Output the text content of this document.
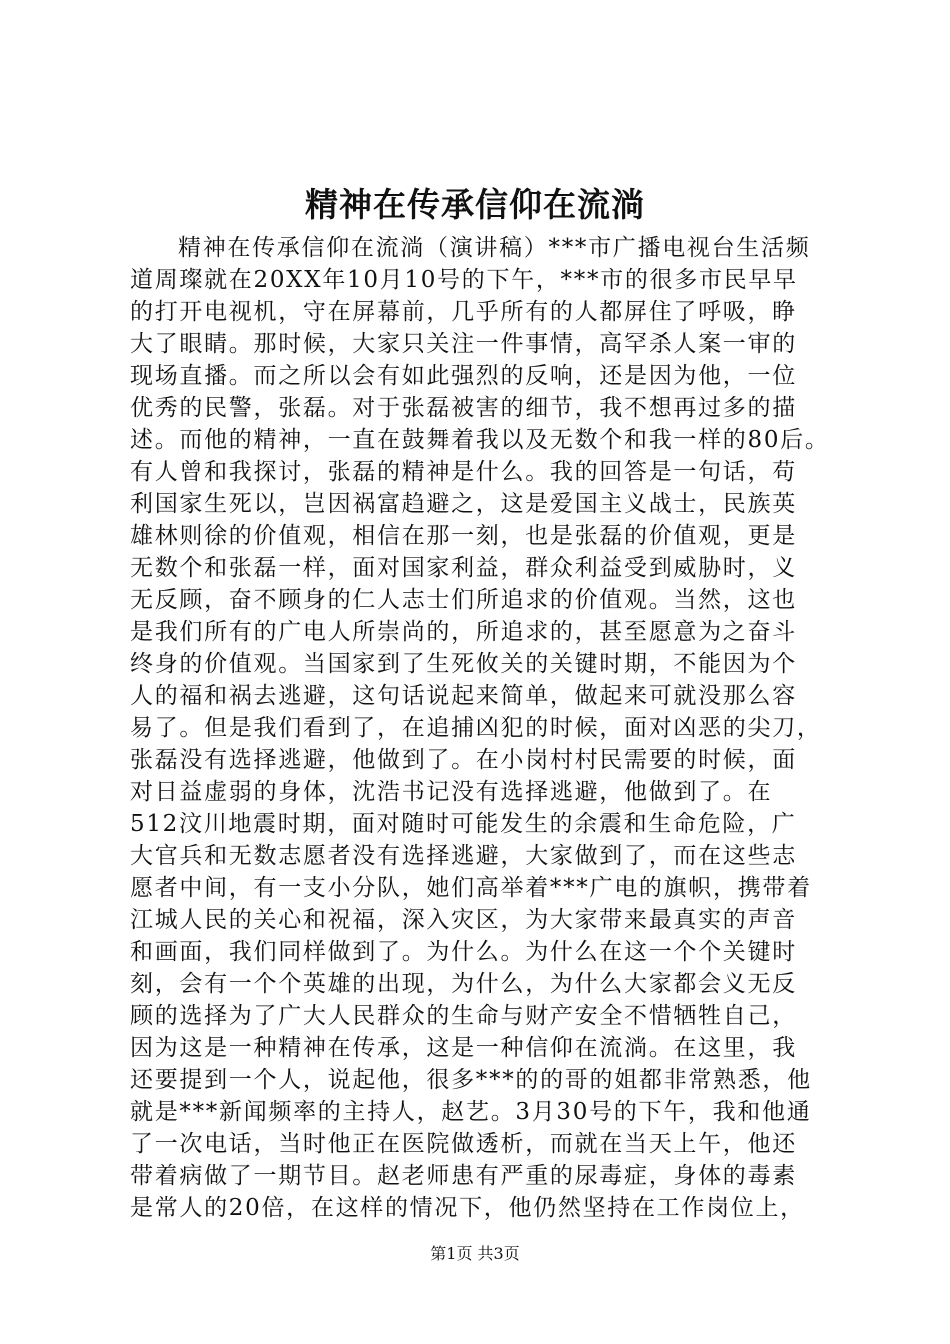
精神在传承信仰在流淌
精神在传承信仰在流淌（演讲稿）***市广播电视台生活频
道周璨就在20XX年10月10号的下午，***市的很多市民早早
的打开电视机，守在屏幕前，几乎所有的人都屏住了呼吸，睁
大了眼睛。那时候，大家只关注一件事情，高罕杀人案一审的
现场直播。而之所以会有如此强烈的反响，还是因为他，一位
优秀的民警，张磊。对于张磊被害的细节，我不想再过多的描
述。而他的精神，一直在鼓舞着我以及无数个和我一样的80后。
有人曾和我探讨，张磊的精神是什么。我的回答是一句话，苟
利国家生死以，岂因祸富趋避之，这是爱国主义战士，民族英
雄林则徐的价值观，相信在那一刻，也是张磊的价值观，更是
无数个和张磊一样，面对国家利益，群众利益受到威胁时，义
无反顾，奋不顾身的仁人志士们所追求的价值观。当然，这也
是我们所有的广电人所崇尚的，所追求的，甚至愿意为之奋斗
终身的价值观。当国家到了生死攸关的关键时期，不能因为个
人的福和祸去逃避，这句话说起来简单，做起来可就没那么容
易了。但是我们看到了，在追捕凶犯的时候，面对凶恶的尖刀，
张磊没有选择逃避，他做到了。在小岗村村民需要的时候，面
对日益虚弱的身体，沈浩书记没有选择逃避，他做到了。在
512汶川地震时期，面对随时可能发生的余震和生命危险，广
大官兵和无数志愿者没有选择逃避，大家做到了，而在这些志
愿者中间，有一支小分队，她们高举着***广电的旗帜，携带着
江城人民的关心和祝福，深入灾区，为大家带来最真实的声音
和画面，我们同样做到了。为什么。为什么在这一个个关键时
刻，会有一个个英雄的出现，为什么，为什么大家都会义无反
顾的选择为了广大人民群众的生命与财产安全不惜牺牲自己，
因为这是一种精神在传承，这是一种信仰在流淌。在这里，我
还要提到一个人，说起他，很多***的的哥的姐都非常熟悉，他
就是***新闻频率的主持人，赵艺。3月30号的下午，我和他通
了一次电话，当时他正在医院做透析，而就在当天上午，他还
带着病做了一期节目。赵老师患有严重的尿毒症，身体的毒素
是常人的20倍，在这样的情况下，他仍然坚持在工作岗位上，
第1页 共3页
